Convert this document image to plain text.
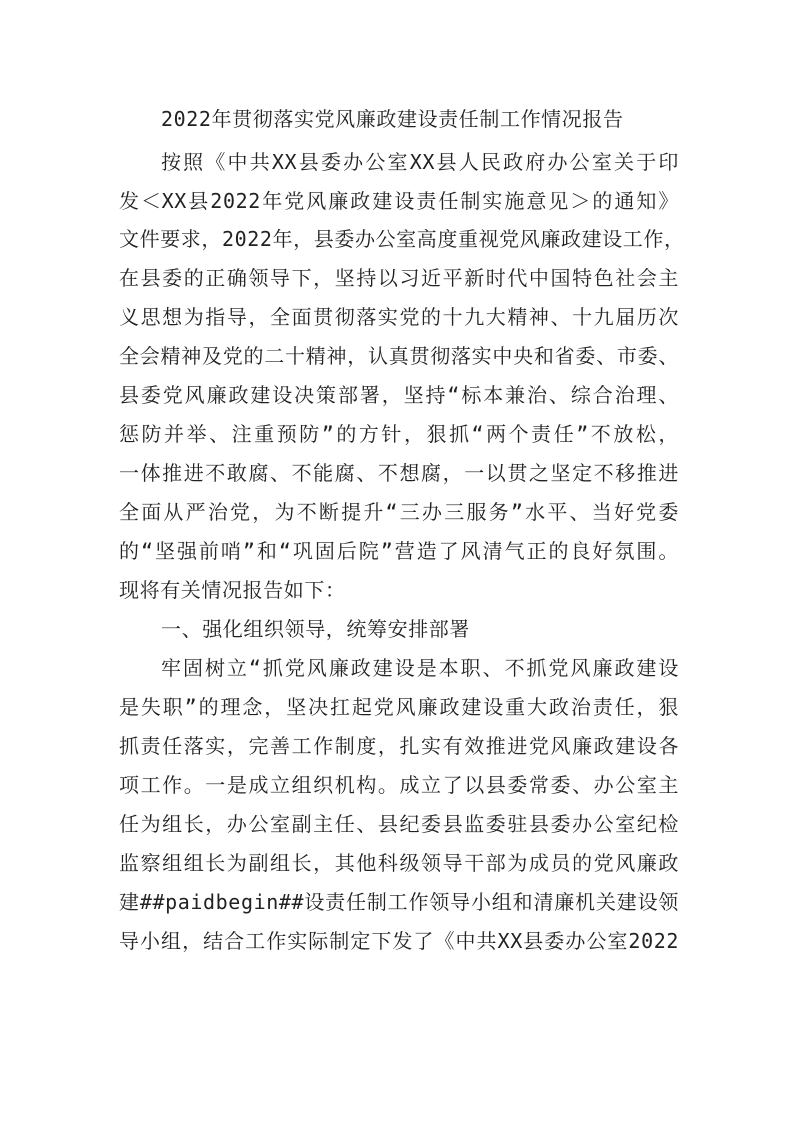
2022年贯彻落实党风廉政建设责任制工作情况报告
按照《中共XX县委办公室XX县人民政府办公室关于印
发＜XX县2022年党风廉政建设责任制实施意见＞的通知》
文件要求，2022年，县委办公室高度重视党风廉政建设工作，
在县委的正确领导下，坚持以习近平新时代中国特色社会主
义思想为指导，全面贯彻落实党的十九大精神、十九届历次
全会精神及党的二十精神，认真贯彻落实中央和省委、市委、
县委党风廉政建设决策部署，坚持“标本兼治、综合治理、
惩防并举、注重预防”的方针，狠抓“两个责任”不放松，
一体推进不敢腐、不能腐、不想腐，一以贯之坚定不移推进
全面从严治党，为不断提升“三办三服务”水平、当好党委
的“坚强前哨”和“巩固后院”营造了风清气正的良好氛围。
现将有关情况报告如下：
一、强化组织领导，统筹安排部署
牢固树立“抓党风廉政建设是本职、不抓党风廉政建设
是失职”的理念，坚决扛起党风廉政建设重大政治责任，狠
抓责任落实，完善工作制度，扎实有效推进党风廉政建设各
项工作。一是成立组织机构。成立了以县委常委、办公室主
任为组长，办公室副主任、县纪委县监委驻县委办公室纪检
监察组组长为副组长，其他科级领导干部为成员的党风廉政
建##paidbegin##设责任制工作领导小组和清廉机关建设领
导小组，结合工作实际制定下发了《中共XX县委办公室2022
